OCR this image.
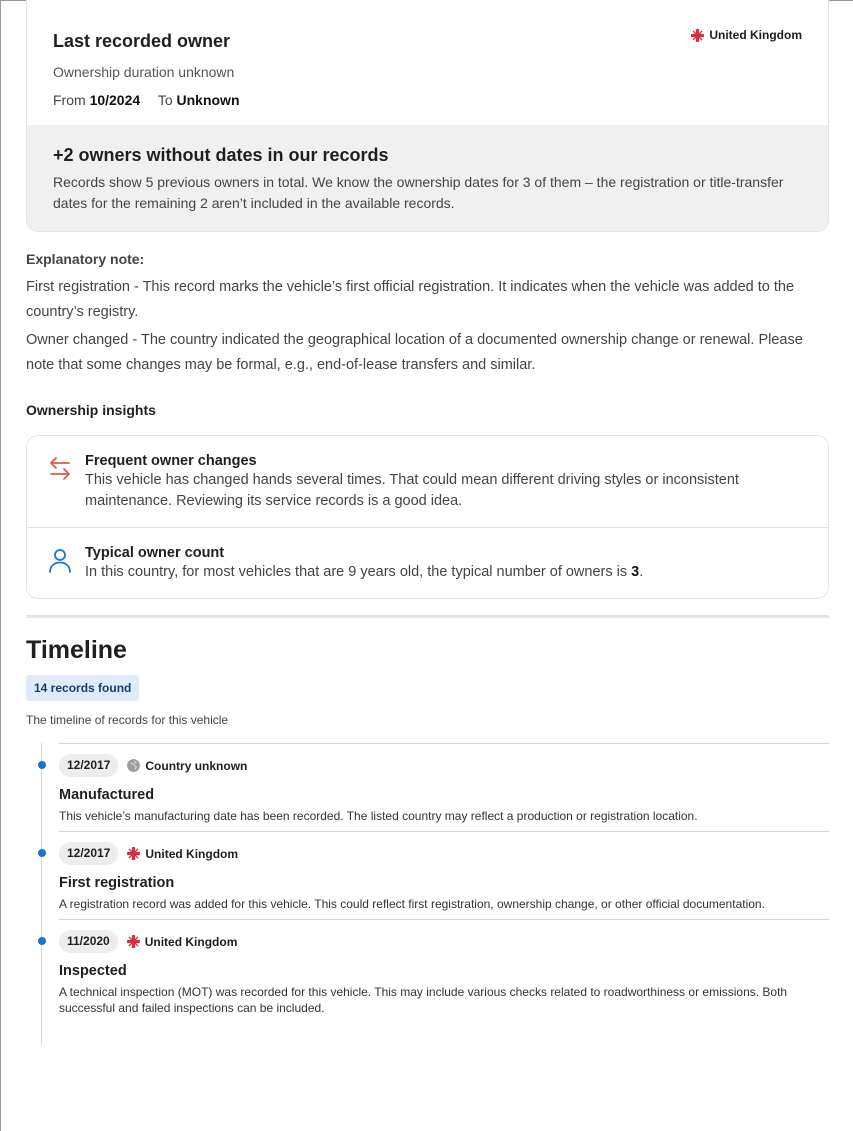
Last recorded owner
Ownership duration unknown
From 10/2024 To Unknown
United Kingdom
+2 owners without dates in our records
Records show 5 previous owners in total. We know the ownership dates for 3 of them – the registration or title-transfer dates for the remaining 2 aren’t included in the available records.
Explanatory note:

First registration - This record marks the vehicle’s first official registration. It indicates when the vehicle was added to the country’s registry.

Owner changed - The country indicated the geographical location of a documented ownership change or renewal. Please note that some changes may be formal, e.g., end-of-lease transfers and similar.

Ownership insights
Frequent owner changes
This vehicle has changed hands several times. That could mean different driving styles or inconsistent maintenance. Reviewing its service records is a good idea.
Typical owner count
In this country, for most vehicles that are 9 years old, the typical number of owners is 3.
Timeline
14 records found
The timeline of records for this vehicle
12/2017	Country unknown
Manufactured
This vehicle’s manufacturing date has been recorded. The listed country may reflect a production or registration location.
12/2017	United Kingdom
First registration
A registration record was added for this vehicle. This could reflect first registration, ownership change, or other official documentation.
11/2020	United Kingdom
Inspected
A technical inspection (MOT) was recorded for this vehicle. This may include various checks related to roadworthiness or emissions. Both successful and failed inspections can be included.
